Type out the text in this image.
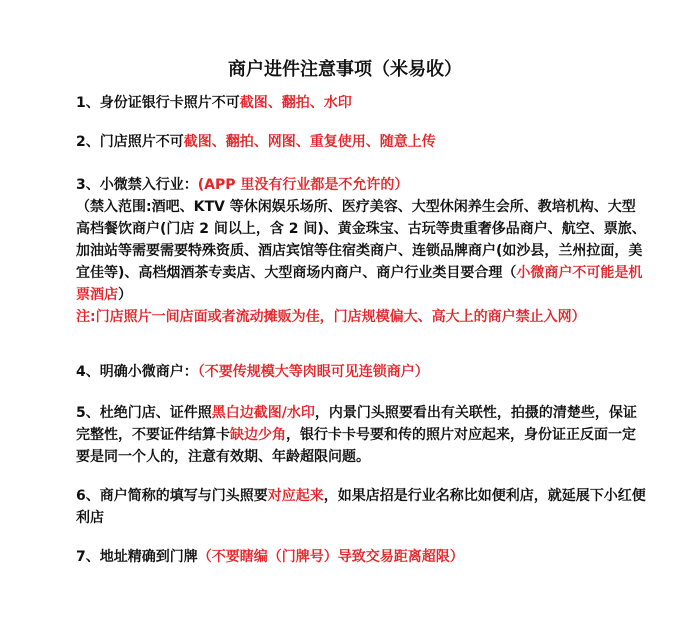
商户进件注意事项（米易收）
1、身份证银行卡照片不可截图、翻拍、水印
2、门店照片不可截图、翻拍、网图、重复使用、随意上传
3、小微禁入行业：(APP 里没有行业都是不允许的）
（禁入范围:酒吧、KTV 等休闲娱乐场所、医疗美容、大型休闲养生会所、教培机构、大型高档餐饮商户(门店 2 间以上，含 2 间)、黄金珠宝、古玩等贵重奢侈品商户、航空、票旅、加油站等需要需要特殊资质、酒店宾馆等住宿类商户、连锁品牌商户(如沙县，兰州拉面，美宜佳等)、高档烟酒茶专卖店、大型商场内商户、商户行业类目要合理（小微商户不可能是机票酒店）
注:门店照片一间店面或者流动摊贩为佳，门店规模偏大、高大上的商户禁止入网）
4、明确小微商户：（不要传规模大等肉眼可见连锁商户）
5、杜绝门店、证件照黑白边截图/水印，内景门头照要看出有关联性，拍摄的清楚些，保证完整性，不要证件结算卡缺边少角，银行卡卡号要和传的照片对应起来，身份证正反面一定要是同一个人的，注意有效期、年龄超限问题。
6、商户简称的填写与门头照要对应起来，如果店招是行业名称比如便利店，就延展下小红便利店
7、地址精确到门牌（不要瞎编（门牌号）导致交易距离超限）
